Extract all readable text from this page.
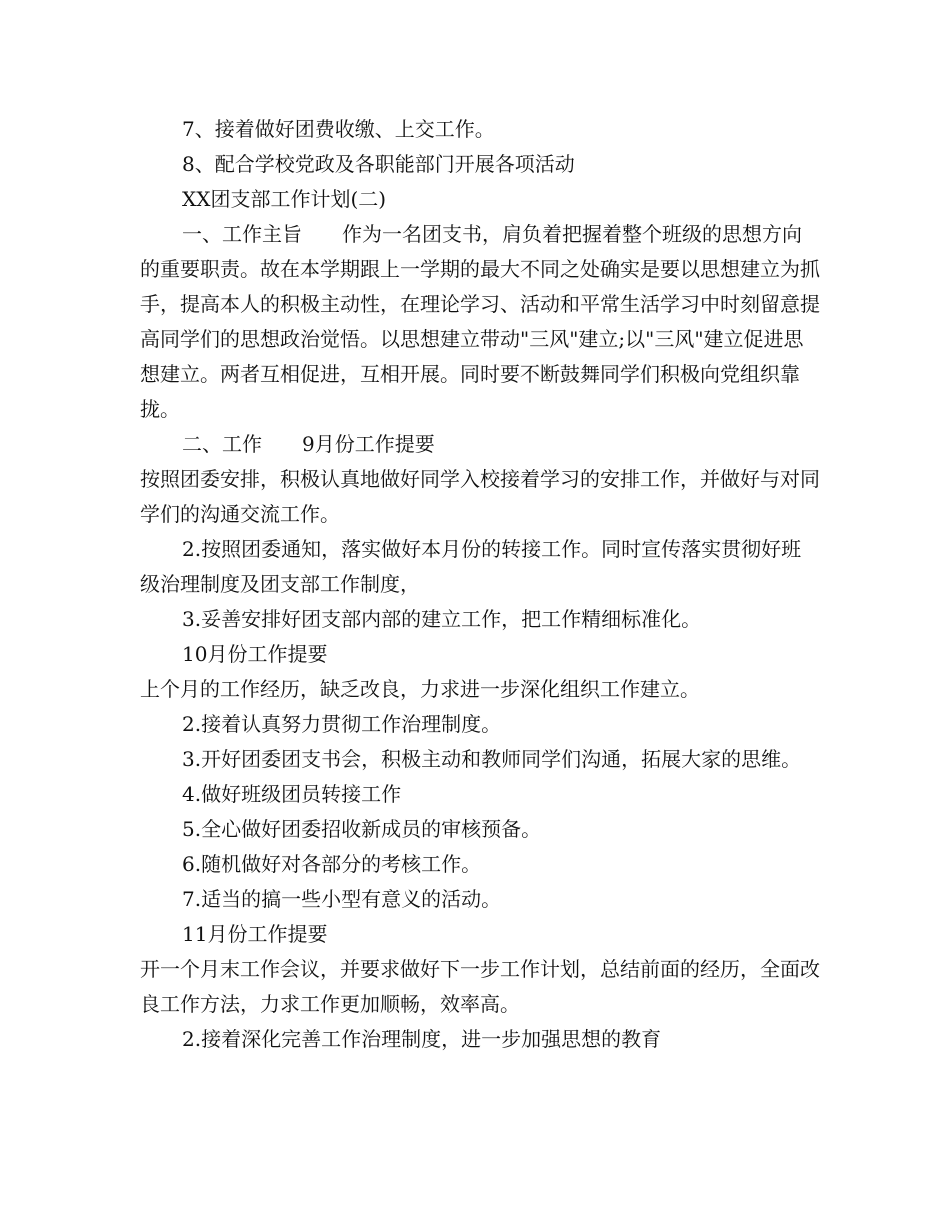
7、接着做好团费收缴、上交工作。

8、配合学校党政及各职能部门开展各项活动

XX团支部工作计划(二)

一、工作主旨　　作为一名团支书，肩负着把握着整个班级的思想方向的重要职责。故在本学期跟上一学期的最大不同之处确实是要以思想建立为抓手，提高本人的积极主动性，在理论学习、活动和平常生活学习中时刻留意提高同学们的思想政治觉悟。以思想建立带动"三风"建立;以"三风"建立促进思想建立。两者互相促进，互相开展。同时要不断鼓舞同学们积极向党组织靠拢。

二、工作　　9月份工作提要

按照团委安排，积极认真地做好同学入校接着学习的安排工作，并做好与对同学们的沟通交流工作。

2.按照团委通知，落实做好本月份的转接工作。同时宣传落实贯彻好班级治理制度及团支部工作制度，

3.妥善安排好团支部内部的建立工作，把工作精细标准化。

10月份工作提要

上个月的工作经历，缺乏改良，力求进一步深化组织工作建立。

2.接着认真努力贯彻工作治理制度。

3.开好团委团支书会，积极主动和教师同学们沟通，拓展大家的思维。

4.做好班级团员转接工作

5.全心做好团委招收新成员的审核预备。

6.随机做好对各部分的考核工作。

7.适当的搞一些小型有意义的活动。

11月份工作提要

开一个月末工作会议，并要求做好下一步工作计划，总结前面的经历，全面改良工作方法，力求工作更加顺畅，效率高。

2.接着深化完善工作治理制度，进一步加强思想的教育
